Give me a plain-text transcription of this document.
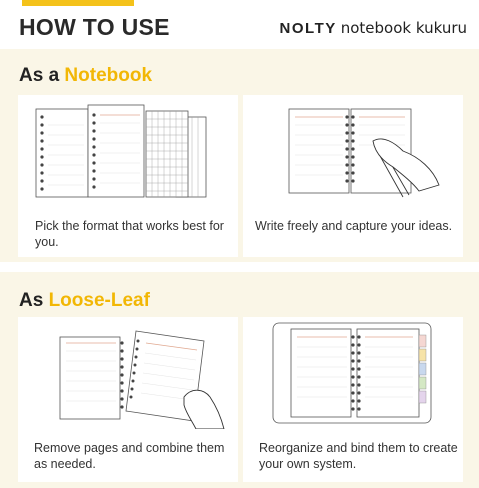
HOW TO USE	NOLTY notebook kukuru
As a Notebook
Pick the format that works best for you.
Write freely and capture your ideas.
As Loose-Leaf
Remove pages and combine them as needed.
Reorganize and bind them to create your own system.
